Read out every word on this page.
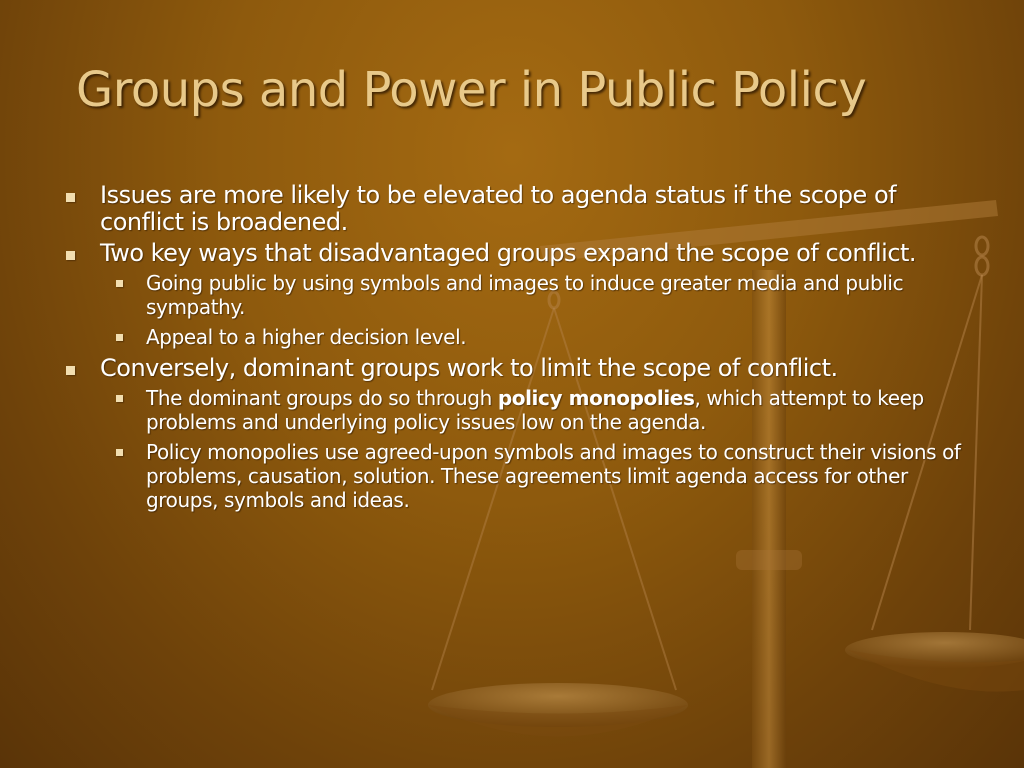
Groups and Power in Public Policy
Issues are more likely to be elevated to agenda status if the scope of conflict is broadened.
Two key ways that disadvantaged groups expand the scope of conflict.
Going public by using symbols and images to induce greater media and public sympathy.
Appeal to a higher decision level.
Conversely, dominant groups work to limit the scope of conflict.
The dominant groups do so through policy monopolies, which attempt to keep problems and underlying policy issues low on the agenda.
Policy monopolies use agreed-upon symbols and images to construct their visions of problems, causation, solution. These agreements limit agenda access for other groups, symbols and ideas.
